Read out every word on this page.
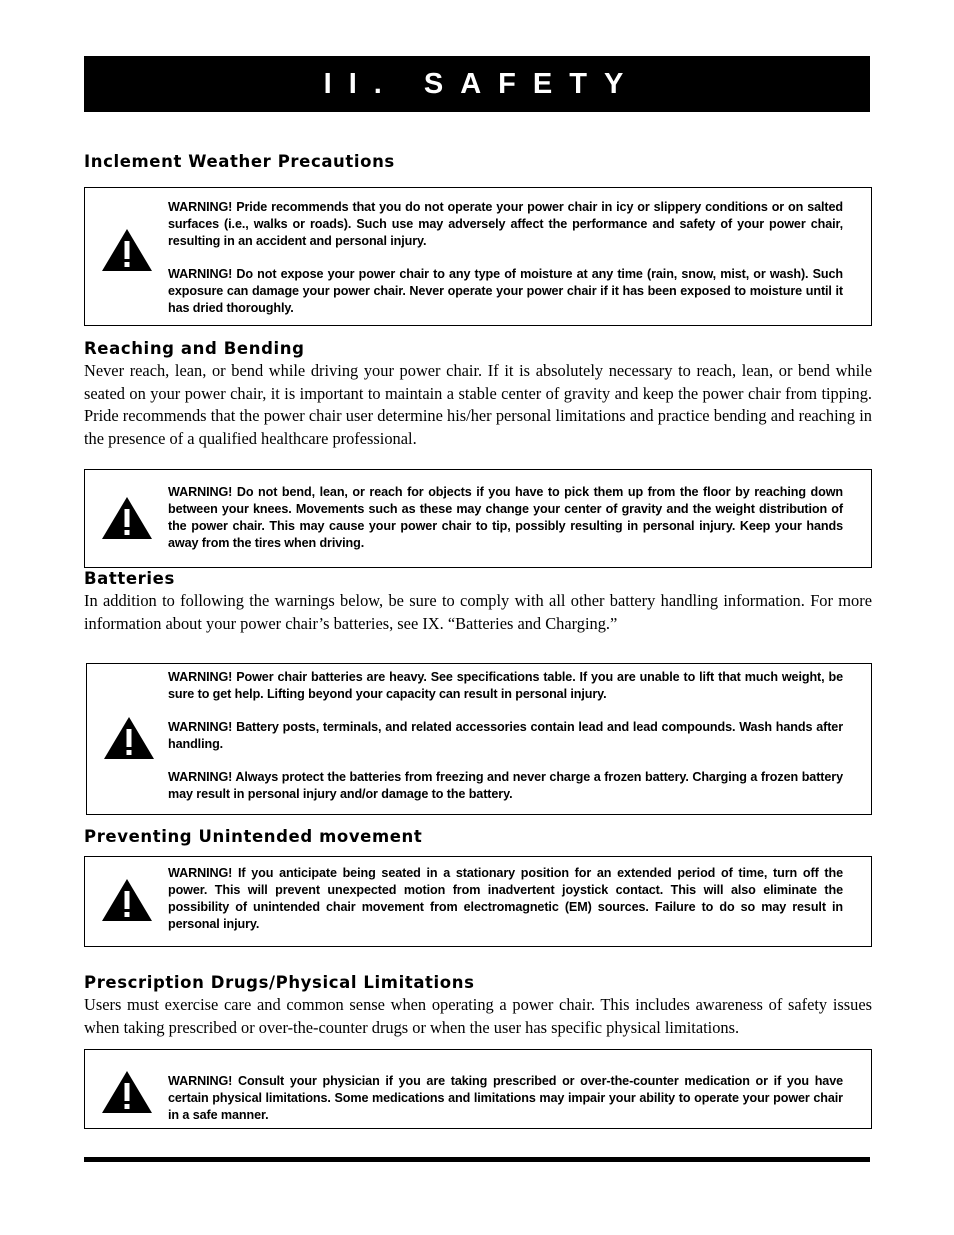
II. SAFETY
Inclement Weather Precautions

WARNING! Pride recommends that you do not operate your power chair in icy or slippery conditions or on salted surfaces (i.e., walks or roads). Such use may adversely affect the performance and safety of your power chair, resulting in an accident and personal injury.

WARNING! Do not expose your power chair to any type of moisture at any time (rain, snow, mist, or wash). Such exposure can damage your power chair. Never operate your power chair if it has been exposed to moisture until it has dried thoroughly.

Reaching and Bending

Never reach, lean, or bend while driving your power chair. If it is absolutely necessary to reach, lean, or bend while seated on your power chair, it is important to maintain a stable center of gravity and keep the power chair from tipping. Pride recommends that the power chair user determine his/her personal limitations and practice bending and reaching in the presence of a qualified healthcare professional.

WARNING! Do not bend, lean, or reach for objects if you have to pick them up from the floor by reaching down between your knees. Movements such as these may change your center of gravity and the weight distribution of the power chair. This may cause your power chair to tip, possibly resulting in personal injury. Keep your hands away from the tires when driving.

Batteries

In addition to following the warnings below, be sure to comply with all other battery handling information. For more information about your power chair’s batteries, see IX. “Batteries and Charging.”

WARNING! Power chair batteries are heavy. See specifications table. If you are unable to lift that much weight, be sure to get help. Lifting beyond your capacity can result in personal injury.

WARNING! Battery posts, terminals, and related accessories contain lead and lead compounds. Wash hands after handling.

WARNING! Always protect the batteries from freezing and never charge a frozen battery. Charging a frozen battery may result in personal injury and/or damage to the battery.

Preventing Unintended movement

WARNING! If you anticipate being seated in a stationary position for an extended period of time, turn off the power. This will prevent unexpected motion from inadvertent joystick contact. This will also eliminate the possibility of unintended chair movement from electromagnetic (EM) sources. Failure to do so may result in personal injury.

Prescription Drugs/Physical Limitations

Users must exercise care and common sense when operating a power chair. This includes awareness of safety issues when taking prescribed or over-the-counter drugs or when the user has specific physical limitations.

WARNING! Consult your physician if you are taking prescribed or over-the-counter medication or if you have certain physical limitations. Some medications and limitations may impair your ability to operate your power chair in a safe manner.
